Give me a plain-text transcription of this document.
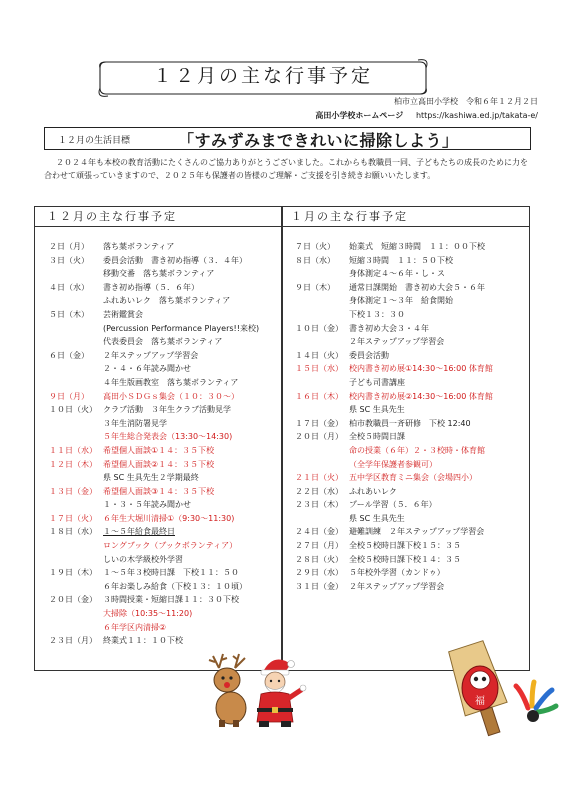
１２月の主な行事予定
柏市立高田小学校　令和６年１２月２日
高田小学校ホームページ https://kashiwa.ed.jp/takata-e/
１２月の生活目標	「すみずみまできれいに掃除しよう」

２０２４年も本校の教育活動にたくさんのご協力ありがとうございました。これからも教職員一同、子どもたちの成長のために力を合わせて頑張っていきますので、２０２５年も保護者の皆様のご理解・ご支援を引き続きお願いいたします。

１２月の主な行事予定
２日（月） 落ち葉ボランティア
３日（火） 委員会活動　書き初め指導（３．４年）
移動交番　落ち葉ボランティア
４日（水） 書き初め指導（５．６年）
ふれあいレク　落ち葉ボランティア
５日（木） 芸術鑑賞会
(Percussion Performance Players!!来校)
代表委員会　落ち葉ボランティア
６日（金） ２年ステップアップ学習会
２・４・６年読み聞かせ
４年生版画教室　落ち葉ボランティア
９日（月） 高田小ＳＤＧｓ集会（１０：３０～）
１０日（火） クラブ活動　３年生クラブ活動見学
３年生消防署見学
５年生総合発表会（13:30～14:30)
１１日（水） 希望個人面談①１４：３５下校
１２日（木） 希望個人面談②１４：３５下校
県 SC 生具先生２学期最終
１３日（金） 希望個人面談③１４：３５下校
１・３・５年読み聞かせ
１７日（火） ６年生大堀川清掃①（9:30～11:30)
１８日（水） １～５年給食最終日
ロングブック（ブックボランティア）
しいの木学級校外学習
１９日（木） １～５年３校時日課　下校１１：５０
６年お楽しみ給食（下校１３：１０頃）
２０日（金） ３時間授業・短縮日課１１：３０下校
大掃除（10:35～11:20)
６年学区内清掃②
２３日（月） 終業式１１：１０下校
１月の主な行事予定
７日（火） 始業式　短縮３時間　１１：００下校
８日（水） 短縮３時間　１１：５０下校
身体測定４～６年・し・ス
９日（木） 通常日課開始　書き初め大会５・６年
身体測定１～３年　給食開始
下校１３：３０
１０日（金） 書き初め大会３・４年
２年ステップアップ学習会
１４日（火） 委員会活動
１５日（水） 校内書き初め展①14:30～16:00 体育館
子ども司書講座
１６日（木） 校内書き初め展②14:30～16:00 体育館
県 SC 生具先生
１７日（金） 柏市教職員一斉研修　下校 12:40
２０日（月） 全校５時間日課
命の授業（６年）２・３校時・体育館
（全学年保護者参観可）
２１日（火） 五中学区教育ミニ集会（会場四小）
２２日（水） ふれあいレク
２３日（木） プール学習（５．６年）
県 SC 生具先生
２４日（金） 避難訓練　２年ステップアップ学習会
２７日（月） 全校５校時日課下校１５：３５
２８日（火） 全校５校時日課下校１４：３５
２９日（水） ５年校外学習（カンドゥ）
３１日（金） ２年ステップアップ学習会
福
